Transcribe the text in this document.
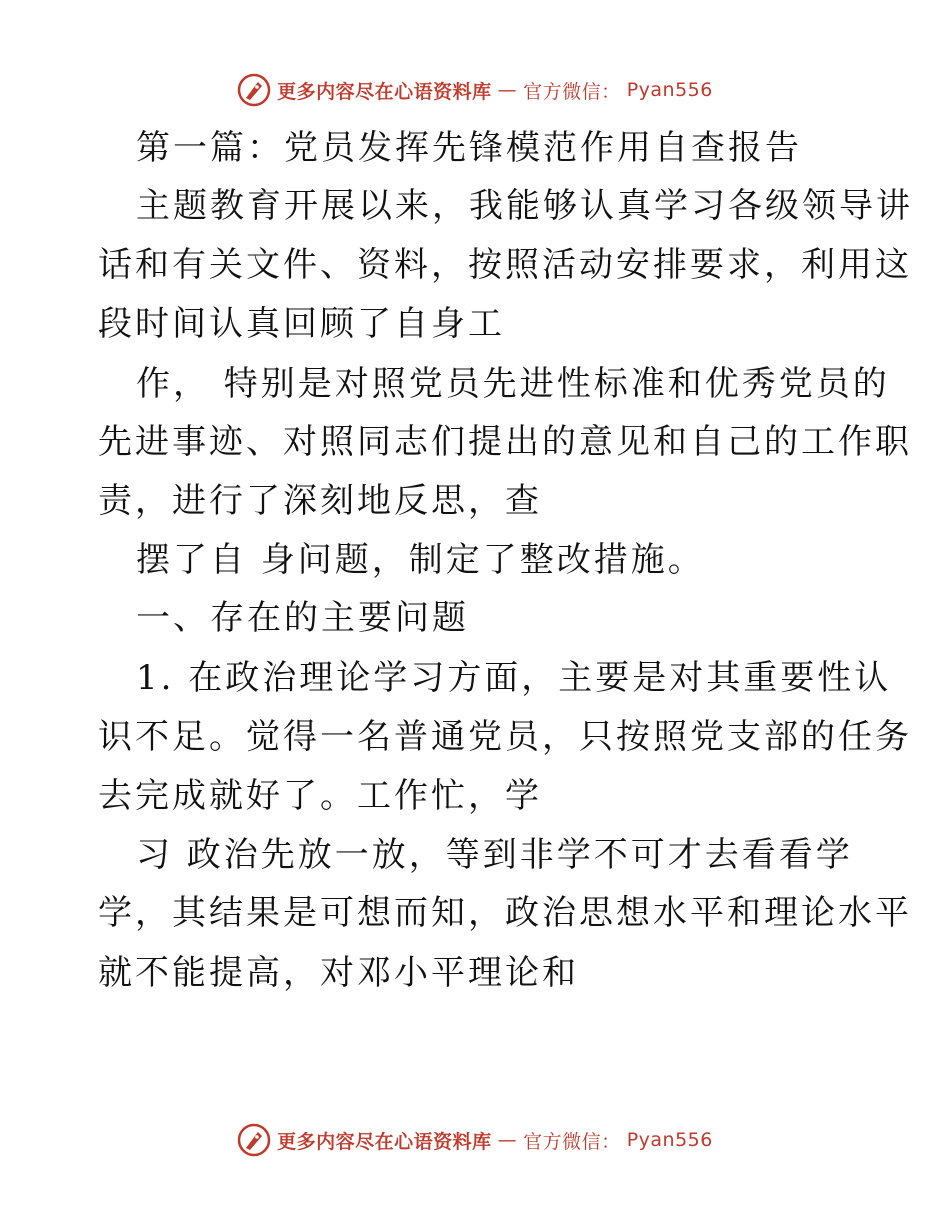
更多内容尽在心语资料库 — 官方微信： Pyan556
第一篇：党员发挥先锋模范作用自查报告
主题教育开展以来，我能够认真学习各级领导讲
话和有关文件、资料，按照活动安排要求，利用这
段时间认真回顾了自身工
作， 特别是对照党员先进性标准和优秀党员的
先进事迹、对照同志们提出的意见和自己的工作职
责，进行了深刻地反思，查
摆了自 身问题，制定了整改措施。
一、存在的主要问题
1. 在政治理论学习方面，主要是对其重要性认
识不足。觉得一名普通党员，只按照党支部的任务
去完成就好了。工作忙，学
习 政治先放一放，等到非学不可才去看看学
学，其结果是可想而知，政治思想水平和理论水平
就不能提高，对邓小平理论和
更多内容尽在心语资料库 — 官方微信： Pyan556
